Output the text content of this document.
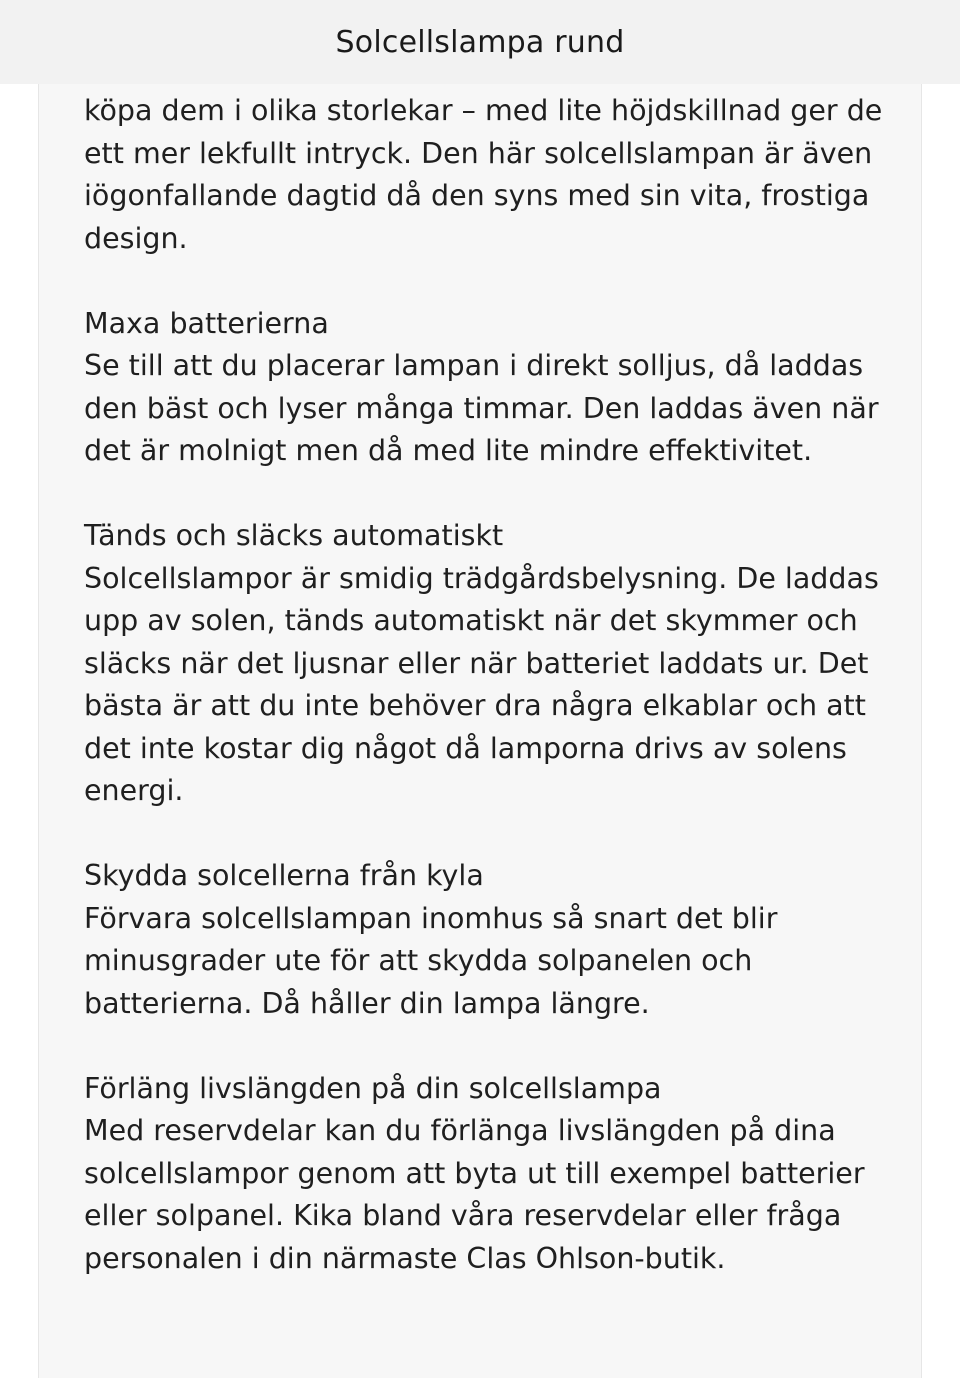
Solcellslampa rund

köpa dem i olika storlekar – med lite höjdskillnad ger de ett mer lekfullt intryck. Den här solcellslampan är även iögonfallande dagtid då den syns med sin vita, frostiga design.

Maxa batterierna

Se till att du placerar lampan i direkt solljus, då laddas den bäst och lyser många timmar. Den laddas även när det är molnigt men då med lite mindre effektivitet.

Tänds och släcks automatiskt

Solcellslampor är smidig trädgårdsbelysning. De laddas upp av solen, tänds automatiskt när det skymmer och släcks när det ljusnar eller när batteriet laddats ur. Det bästa är att du inte behöver dra några elkablar och att det inte kostar dig något då lamporna drivs av solens energi.

Skydda solcellerna från kyla

Förvara solcellslampan inomhus så snart det blir minusgrader ute för att skydda solpanelen och batterierna. Då håller din lampa längre.

Förläng livslängden på din solcellslampa

Med reservdelar kan du förlänga livslängden på dina solcellslampor genom att byta ut till exempel batterier eller solpanel. Kika bland våra reservdelar eller fråga personalen i din närmaste Clas Ohlson-butik.
